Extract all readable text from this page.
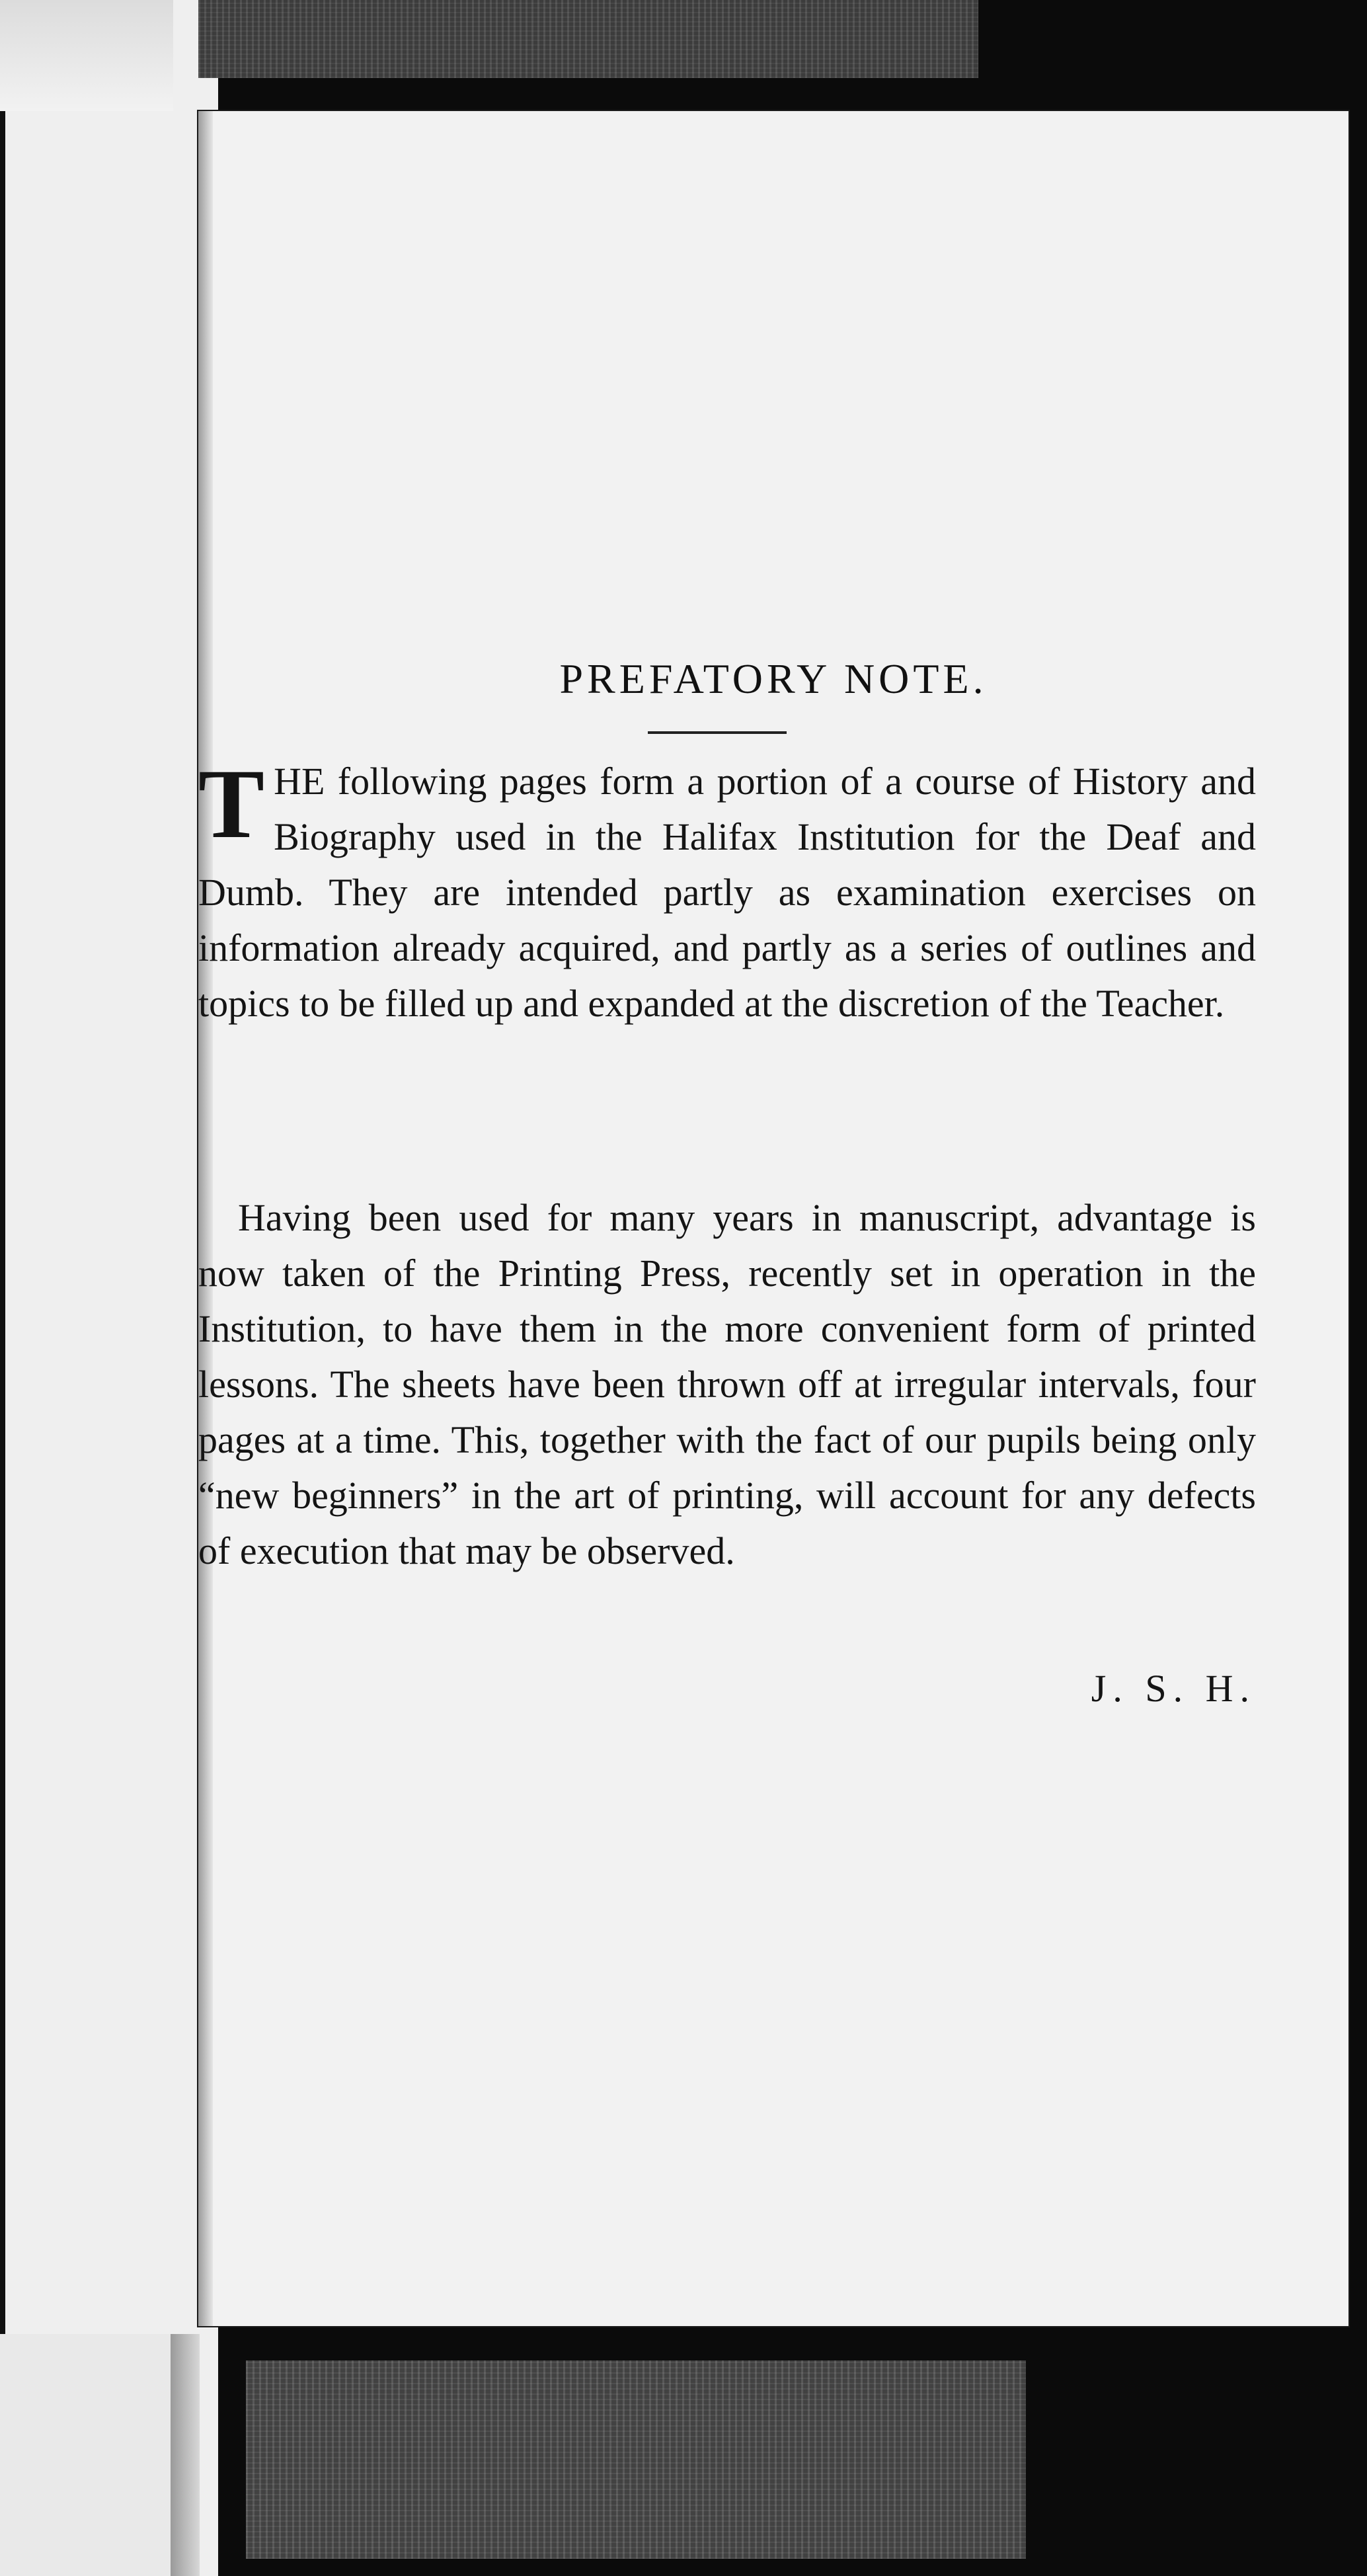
PREFATORY NOTE.

THE following pages form a portion of a course of History and Biography used in the Halifax Institution for the Deaf and Dumb. They are intended partly as examination exercises on information already acquired, and partly as a series of outlines and topics to be filled up and expanded at the discretion of the Teacher.

Having been used for many years in manuscript, advantage is now taken of the Printing Press, recently set in operation in the Institution, to have them in the more convenient form of printed lessons. The sheets have been thrown off at irregular intervals, four pages at a time. This, together with the fact of our pupils being only “new beginners” in the art of printing, will account for any defects of execution that may be observed.

J. S. H.
